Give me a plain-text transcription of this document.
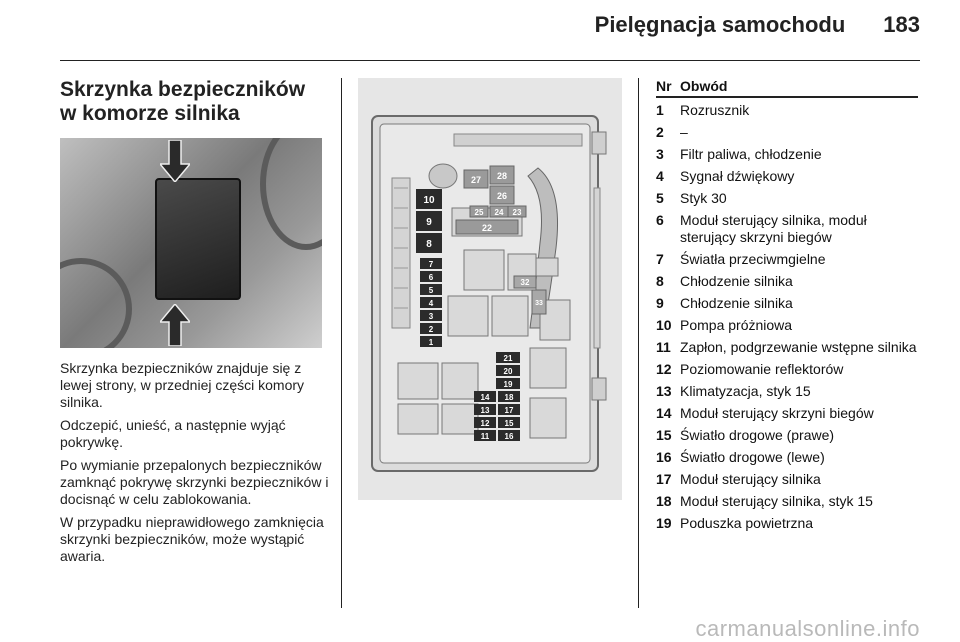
Pielęgnacja samochodu 183
Skrzynka bezpieczników
w komorze silnika

Skrzynka bezpieczników znajduje się z lewej strony, w przedniej części komory silnika.

Odczepić, unieść, a następnie wyjąć pokrywkę.

Po wymianie przepalonych bezpieczników zamknąć pokrywę skrzynki bezpieczników i docisnąć w celu zablokowania.

W przypadku nieprawidłowego zamknięcia skrzynki bezpieczników, może wystąpić awaria.

10
9
8
7
6
5
4
3
2
1
21
20
19
18
17
16
14
13
12
11
15
28
27
26
25 24 23
22
32
33
Nr Obwód
1	Rozrusznik
2	–
3	Filtr paliwa, chłodzenie
4	Sygnał dźwiękowy
5	Styk 30
6	Moduł sterujący silnika, moduł sterujący skrzyni biegów
7	Światła przeciwmgielne
8	Chłodzenie silnika
9	Chłodzenie silnika
10 Pompa próżniowa
11 Zapłon, podgrzewanie wstępne silnika
12 Poziomowanie reflektorów
13 Klimatyzacja, styk 15
14 Moduł sterujący skrzyni biegów
15 Światło drogowe (prawe)
16 Światło drogowe (lewe)
17 Moduł sterujący silnika
18 Moduł sterujący silnika, styk 15
19 Poduszka powietrzna
carmanualsonline.info
